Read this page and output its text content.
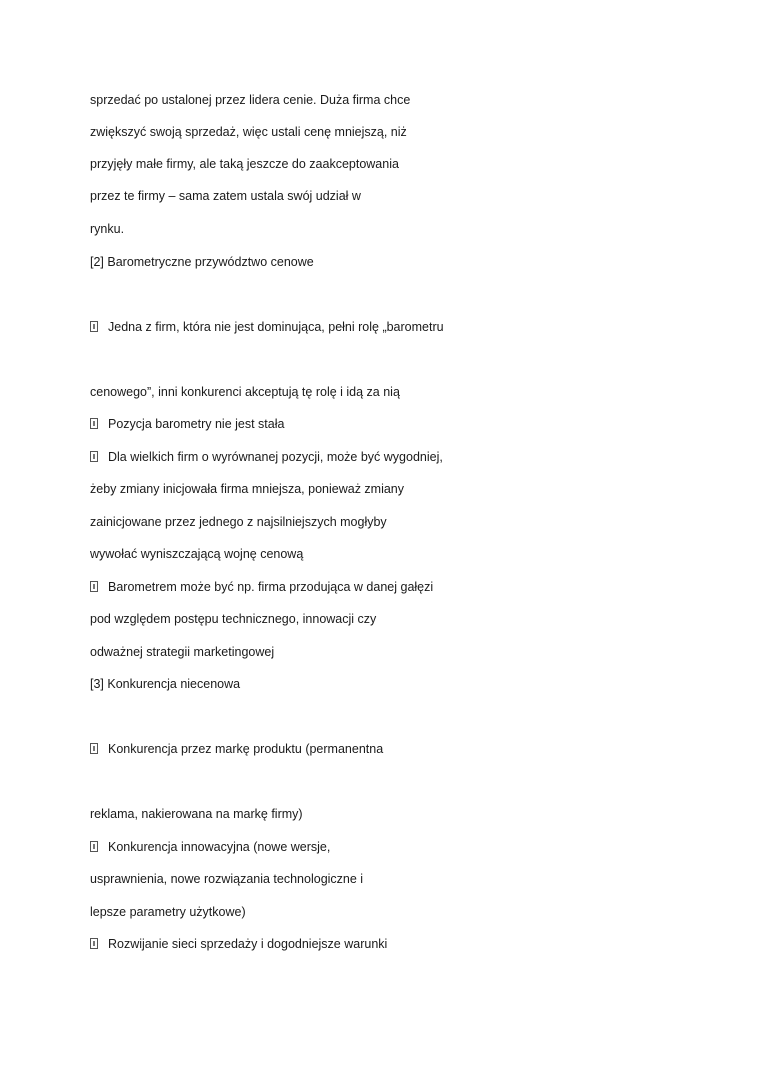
sprzedać po ustalonej przez lidera cenie. Duża firma chce
zwiększyć swoją sprzedaż, więc ustali cenę mniejszą, niż
przyjęły małe firmy, ale taką jeszcze do zaakceptowania
przez te firmy – sama zatem ustala swój udział w
rynku.
[2] Barometryczne przywództwo cenowe
Jedna z firm, która nie jest dominująca, pełni rolę „barometru
cenowego”, inni konkurenci akceptują tę rolę i idą za nią
Pozycja barometry nie jest stała
Dla wielkich firm o wyrównanej pozycji, może być wygodniej,
żeby zmiany inicjowała firma mniejsza, ponieważ zmiany
zainicjowane przez jednego z najsilniejszych mogłyby
wywołać wyniszczającą wojnę cenową
Barometrem może być np. firma przodująca w danej gałęzi
pod względem postępu technicznego, innowacji czy
odważnej strategii marketingowej
[3] Konkurencja niecenowa
Konkurencja przez markę produktu (permanentna
reklama, nakierowana na markę firmy)
Konkurencja innowacyjna (nowe wersje,
usprawnienia, nowe rozwiązania technologiczne i
lepsze parametry użytkowe)
Rozwijanie sieci sprzedaży i dogodniejsze warunki
